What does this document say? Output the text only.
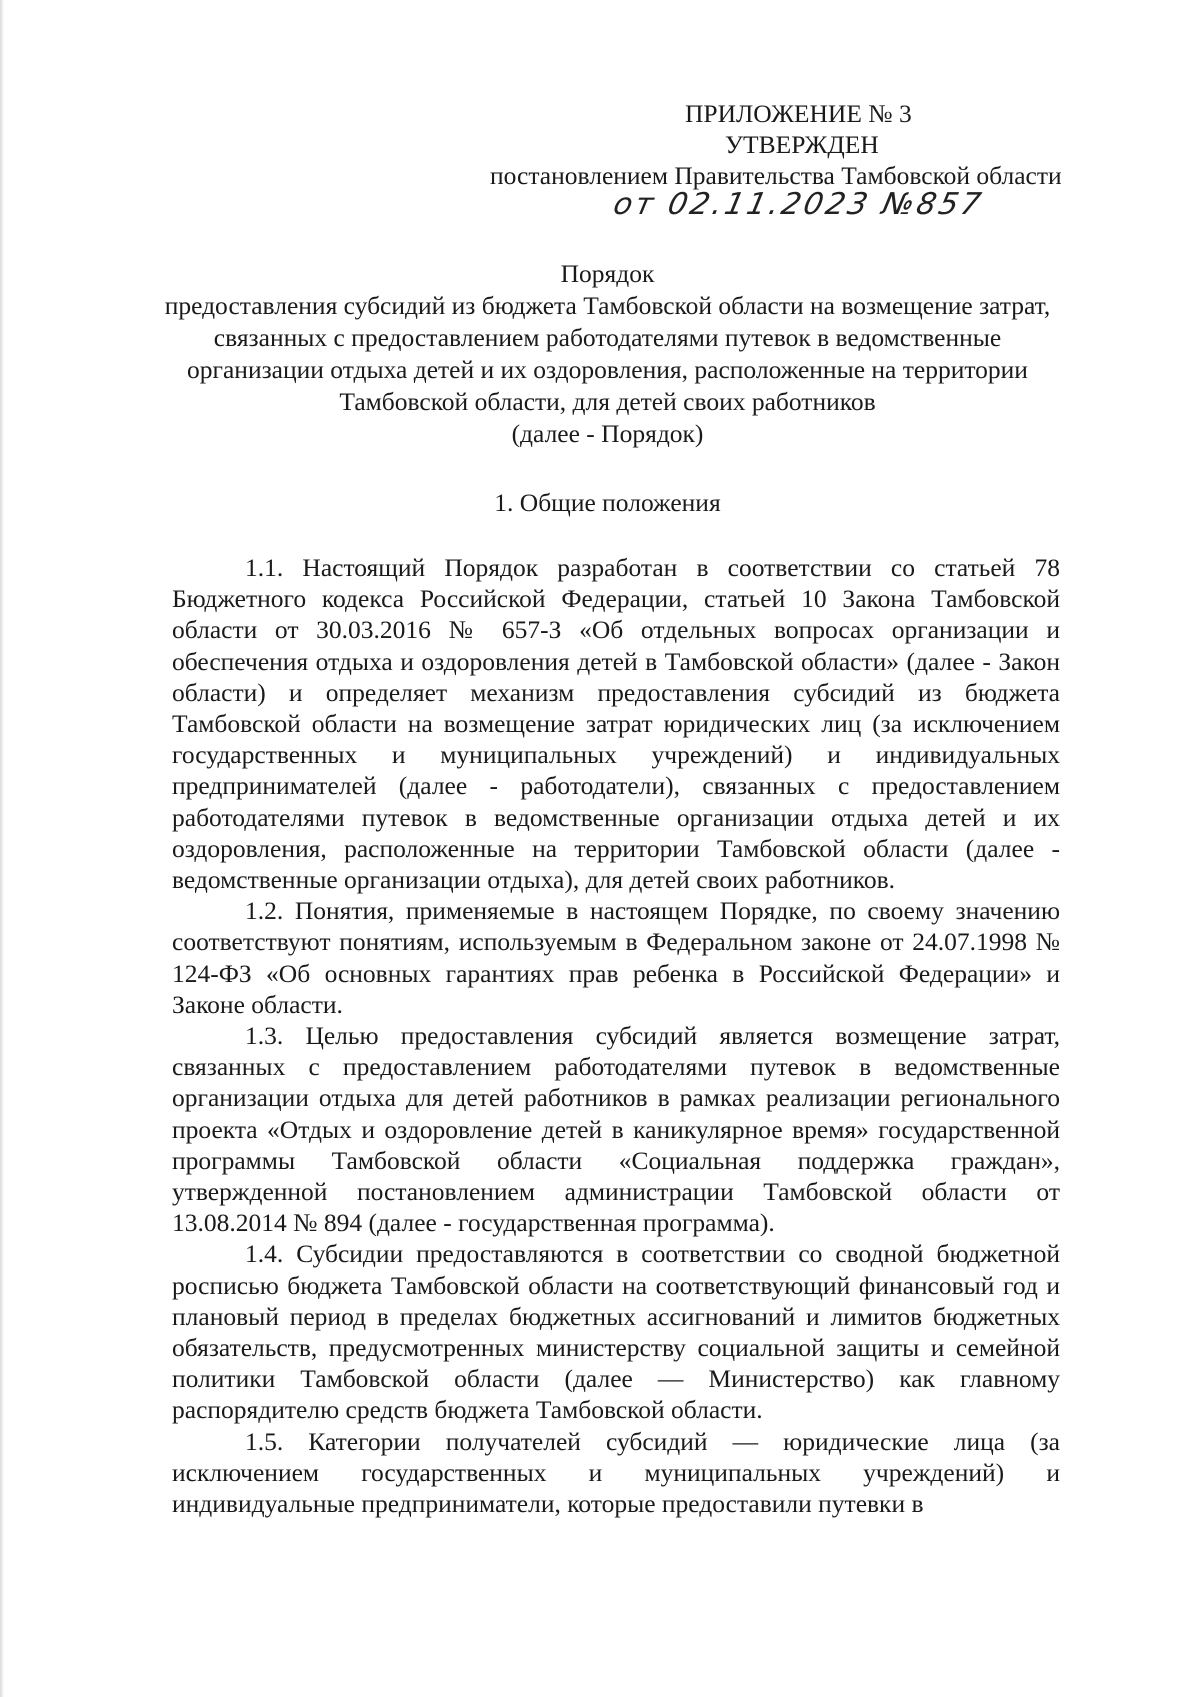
ПРИЛОЖЕНИЕ № 3
УТВЕРЖДЕН
постановлением Правительства Тамбовской области
от 02.11.2023 №857
Порядок
предоставления субсидий из бюджета Тамбовской области на возмещение затрат, связанных с предоставлением работодателями путевок в ведомственные организации отдыха детей и их оздоровления, расположенные на территории Тамбовской области, для детей своих работников
(далее - Порядок)
1. Общие положения

1.1. Настоящий Порядок разработан в соответствии со статьей 78 Бюджетного кодекса Российской Федерации, статьей 10 Закона Тамбовской области от 30.03.2016 № 657-З «Об отдельных вопросах организации и обеспечения отдыха и оздоровления детей в Тамбовской области» (далее - Закон области) и определяет механизм предоставления субсидий из бюджета Тамбовской области на возмещение затрат юридических лиц (за исключением государственных и муниципальных учреждений) и индивидуальных предпринимателей (далее - работодатели), связанных с предоставлением работодателями путевок в ведомственные организации отдыха детей и их оздоровления, расположенные на территории Тамбовской области (далее - ведомственные организации отдыха), для детей своих работников.

1.2. Понятия, применяемые в настоящем Порядке, по своему значению соответствуют понятиям, используемым в Федеральном законе от 24.07.1998 № 124-ФЗ «Об основных гарантиях прав ребенка в Российской Федерации» и Законе области.

1.3. Целью предоставления субсидий является возмещение затрат, связанных с предоставлением работодателями путевок в ведомственные организации отдыха для детей работников в рамках реализации регионального проекта «Отдых и оздоровление детей в каникулярное время» государственной программы Тамбовской области «Социальная поддержка граждан», утвержденной постановлением администрации Тамбовской области от 13.08.2014 № 894 (далее - государственная программа).

1.4. Субсидии предоставляются в соответствии со сводной бюджетной росписью бюджета Тамбовской области на соответствующий финансовый год и плановый период в пределах бюджетных ассигнований и лимитов бюджетных обязательств, предусмотренных министерству социальной защиты и семейной политики Тамбовской области (далее — Министерство) как главному распорядителю средств бюджета Тамбовской области.

1.5. Категории получателей субсидий — юридические лица (за исключением государственных и муниципальных учреждений) и индивидуальные предприниматели, которые предоставили путевки в
